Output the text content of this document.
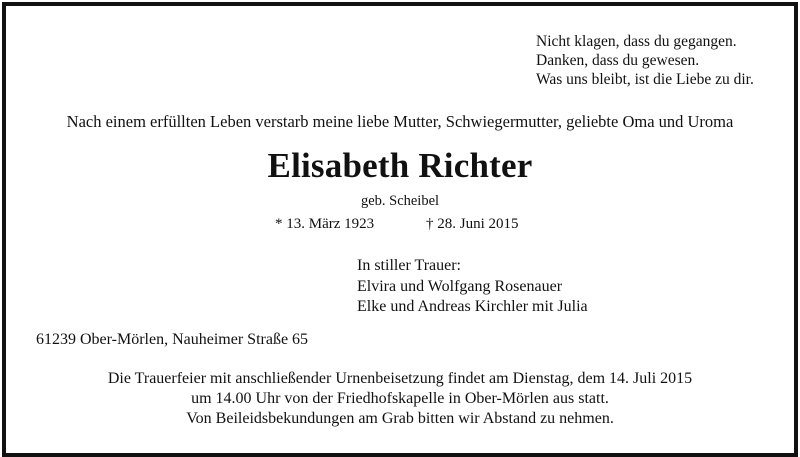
Nicht klagen, dass du gegangen.
Danken, dass du gewesen.
Was uns bleibt, ist die Liebe zu dir.
Nach einem erfüllten Leben verstarb meine liebe Mutter, Schwiegermutter, geliebte Oma und Uroma
Elisabeth Richter
geb. Scheibel
* 13. März 1923	† 28. Juni 2015
In stiller Trauer:
Elvira und Wolfgang Rosenauer
Elke und Andreas Kirchler mit Julia
61239 Ober-Mörlen, Nauheimer Straße 65
Die Trauerfeier mit anschließender Urnenbeisetzung findet am Dienstag, dem 14. Juli 2015
um 14.00 Uhr von der Friedhofskapelle in Ober-Mörlen aus statt.
Von Beileidsbekundungen am Grab bitten wir Abstand zu nehmen.
